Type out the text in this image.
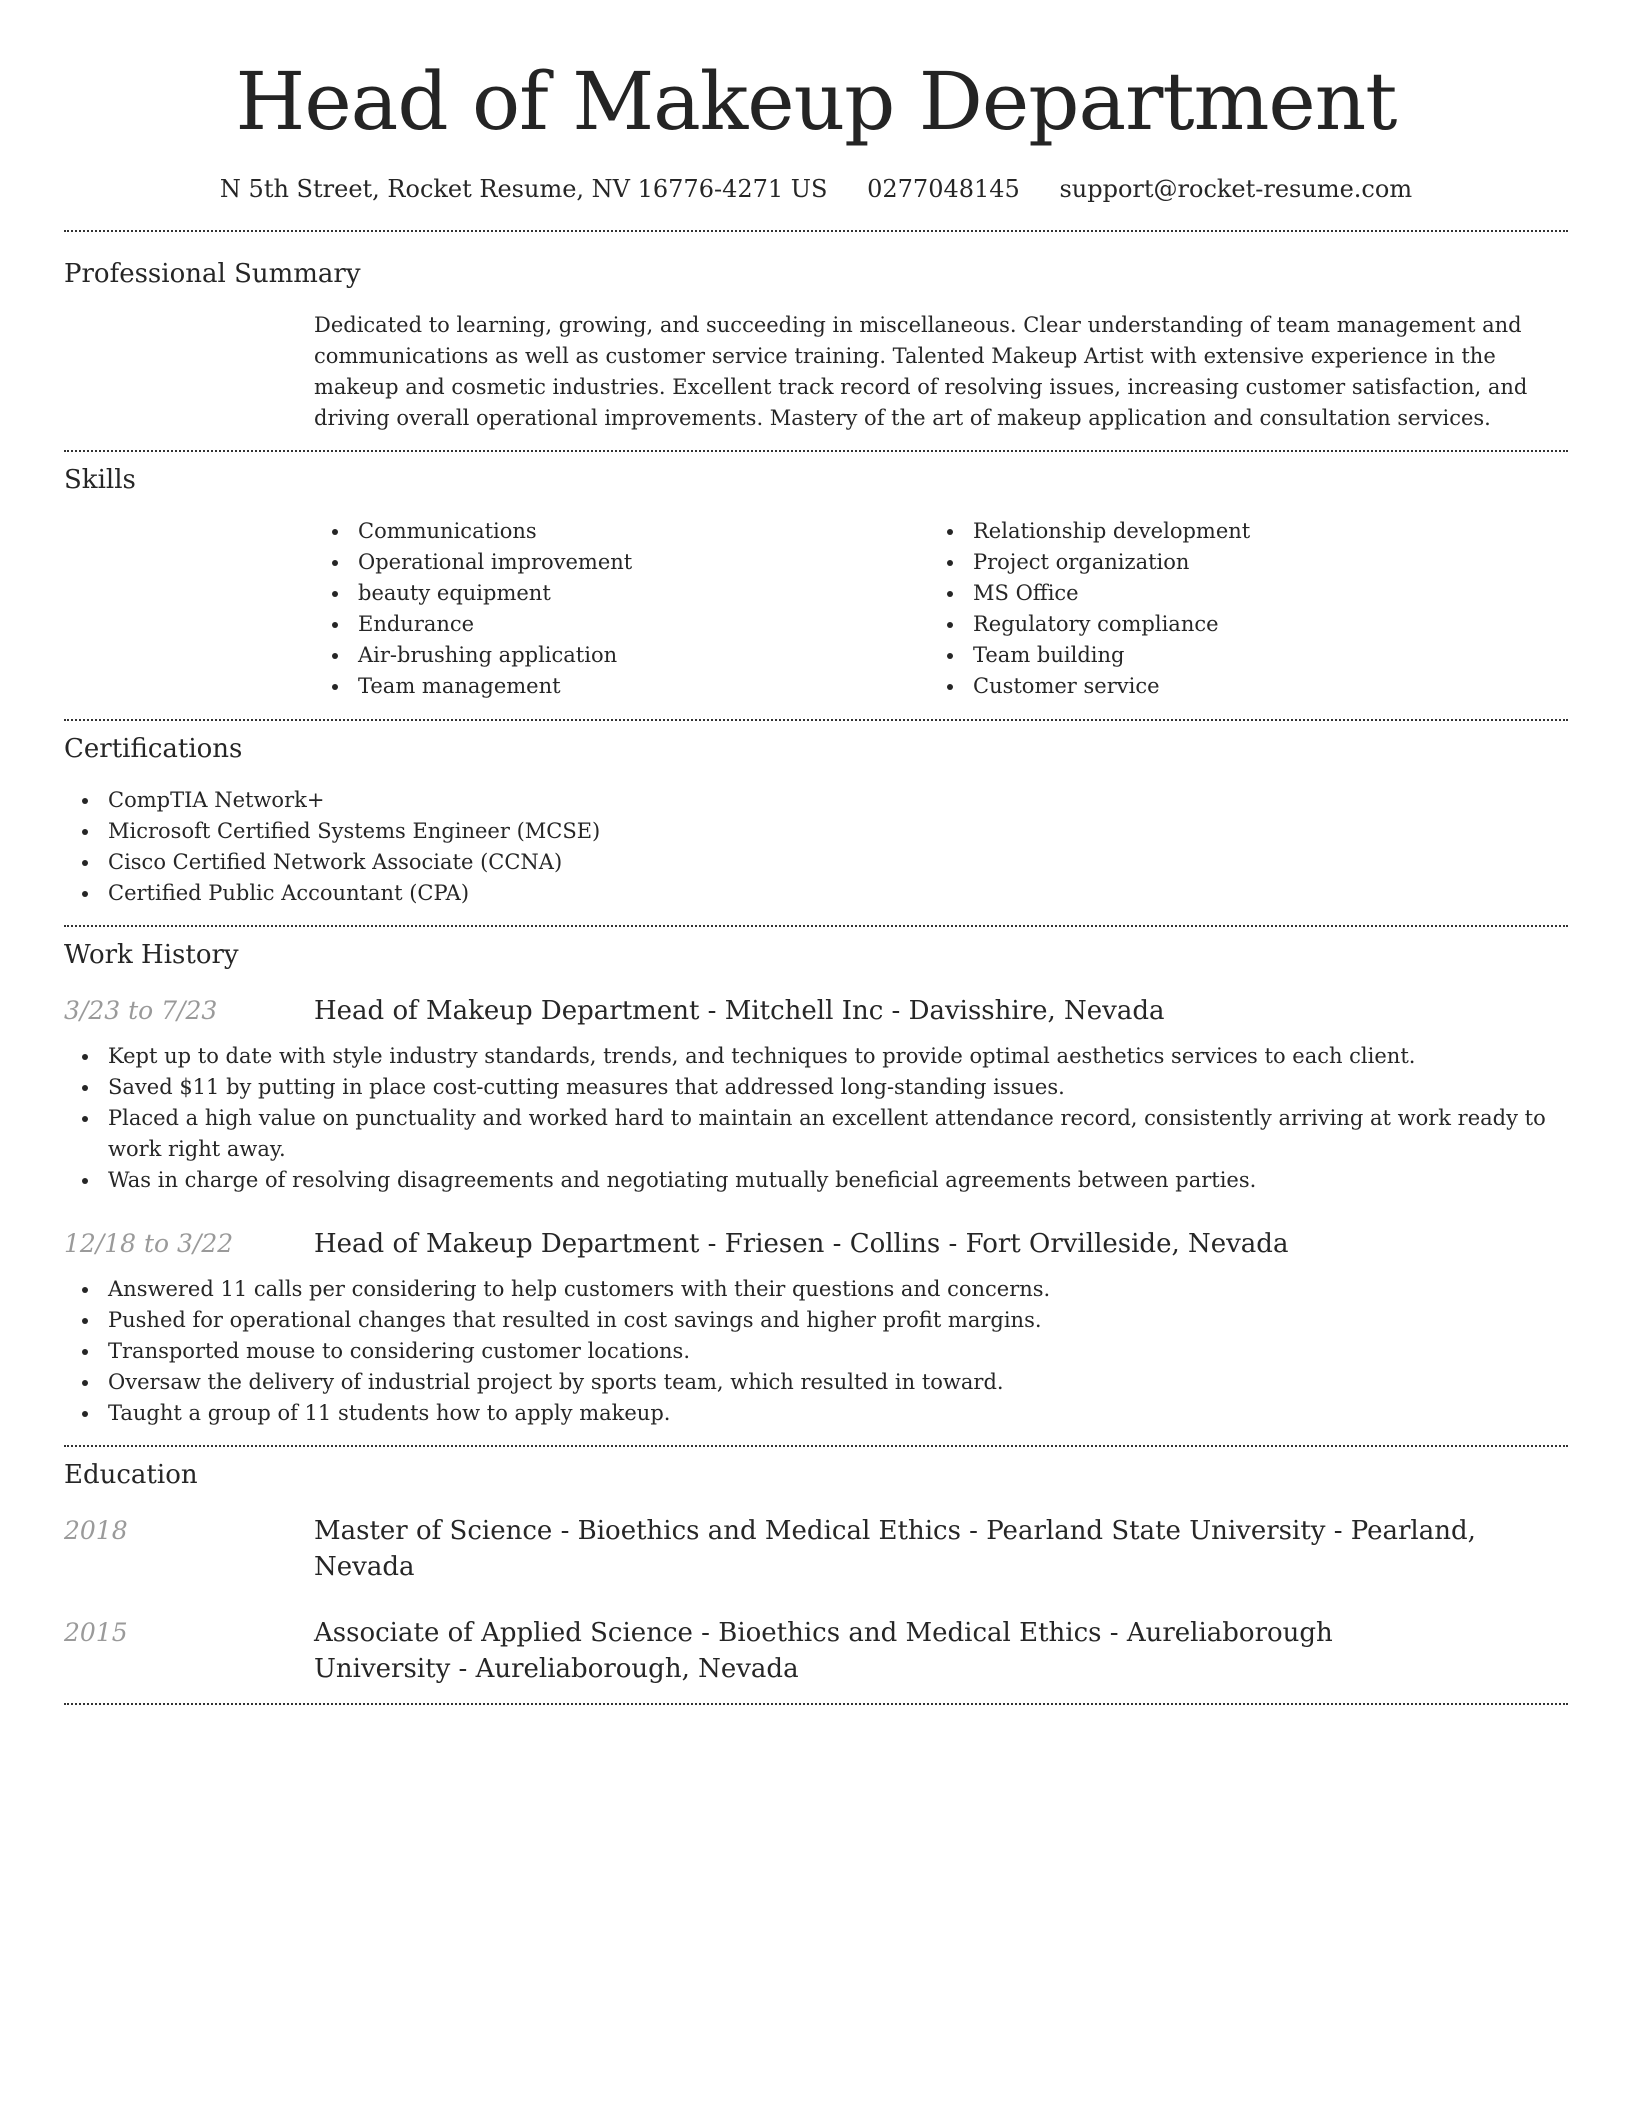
Head of Makeup Department
N 5th Street, Rocket Resume, NV 16776-4271 US 0277048145 support@rocket-resume.com
Professional Summary
Dedicated to learning, growing, and succeeding in miscellaneous. Clear understanding of team management and communications as well as customer service training. Talented Makeup Artist with extensive experience in the makeup and cosmetic industries. Excellent track record of resolving issues, increasing customer satisfaction, and driving overall operational improvements. Mastery of the art of makeup application and consultation services.
Skills
Communications
Operational improvement
beauty equipment
Endurance
Air-brushing application
Team management
Relationship development
Project organization
MS Office
Regulatory compliance
Team building
Customer service
Certifications
CompTIA Network+
Microsoft Certified Systems Engineer (MCSE)
Cisco Certified Network Associate (CCNA)
Certified Public Accountant (CPA)
Work History
3/23 to 7/23	Head of Makeup Department - Mitchell Inc - Davisshire, Nevada
Kept up to date with style industry standards, trends, and techniques to provide optimal aesthetics services to each client.
Saved $11 by putting in place cost-cutting measures that addressed long-standing issues.
Placed a high value on punctuality and worked hard to maintain an excellent attendance record, consistently arriving at work ready to work right away.
Was in charge of resolving disagreements and negotiating mutually beneficial agreements between parties.
12/18 to 3/22	Head of Makeup Department - Friesen - Collins - Fort Orvilleside, Nevada
Answered 11 calls per considering to help customers with their questions and concerns.
Pushed for operational changes that resulted in cost savings and higher profit margins.
Transported mouse to considering customer locations.
Oversaw the delivery of industrial project by sports team, which resulted in toward.
Taught a group of 11 students how to apply makeup.
Education
2018	Master of Science - Bioethics and Medical Ethics - Pearland State University - Pearland, Nevada
2015	Associate of Applied Science - Bioethics and Medical Ethics - Aureliaborough University - Aureliaborough, Nevada
